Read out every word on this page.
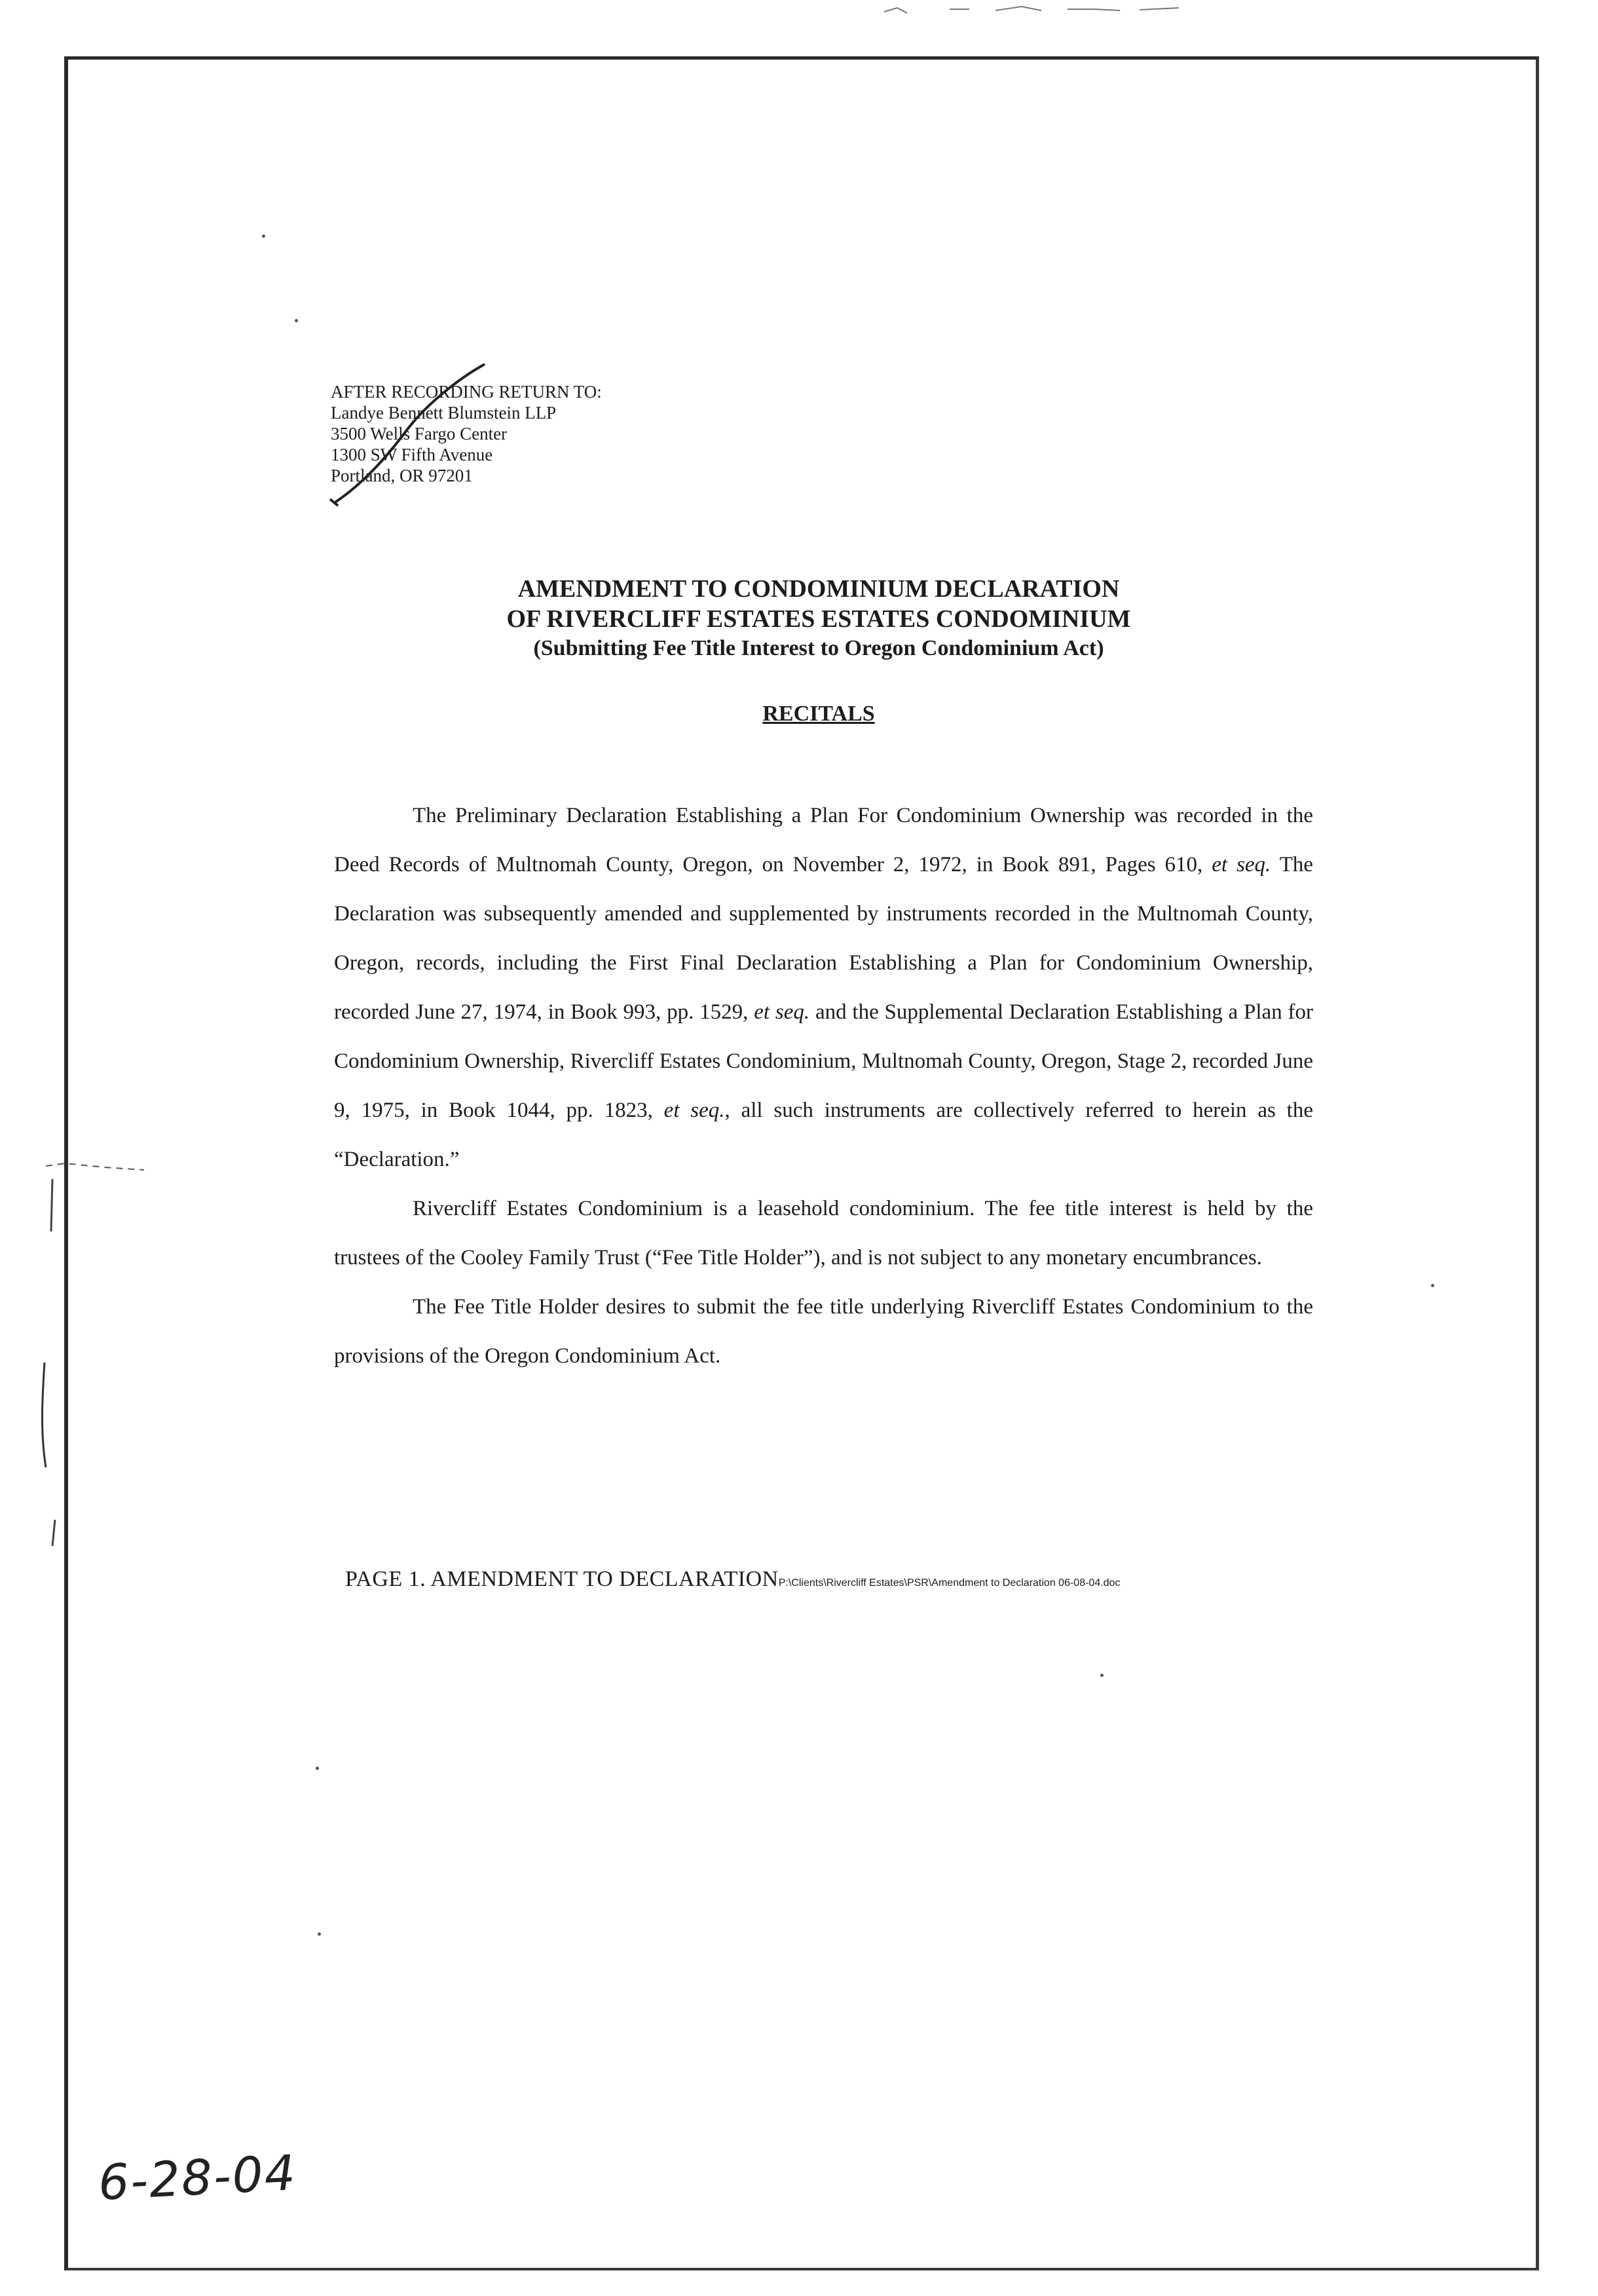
AFTER RECORDING RETURN TO:
Landye Bennett Blumstein LLP
3500 Wells Fargo Center
1300 SW Fifth Avenue
Portland, OR 97201
AMENDMENT TO CONDOMINIUM DECLARATION
OF RIVERCLIFF ESTATES ESTATES CONDOMINIUM
(Submitting Fee Title Interest to Oregon Condominium Act)
RECITALS

The Preliminary Declaration Establishing a Plan For Condominium Ownership was recorded in the Deed Records of Multnomah County, Oregon, on November 2, 1972, in Book 891, Pages 610, et seq. The Declaration was subsequently amended and supplemented by instruments recorded in the Multnomah County, Oregon, records, including the First Final Declaration Establishing a Plan for Condominium Ownership, recorded June 27, 1974, in Book 993, pp. 1529, et seq. and the Supplemental Declaration Establishing a Plan for Condominium Ownership, Rivercliff Estates Condominium, Multnomah County, Oregon, Stage 2, recorded June 9, 1975, in Book 1044, pp. 1823, et seq., all such instruments are collectively referred to herein as the “Declaration.”

Rivercliff Estates Condominium is a leasehold condominium. The fee title interest is held by the trustees of the Cooley Family Trust (“Fee Title Holder”), and is not subject to any monetary encumbrances.

The Fee Title Holder desires to submit the fee title underlying Rivercliff Estates Condominium to the provisions of the Oregon Condominium Act.

PAGE 1. AMENDMENT TO DECLARATIONP:\Clients\Rivercliff Estates\PSR\Amendment to Declaration 06-08-04.doc
6-28-04
